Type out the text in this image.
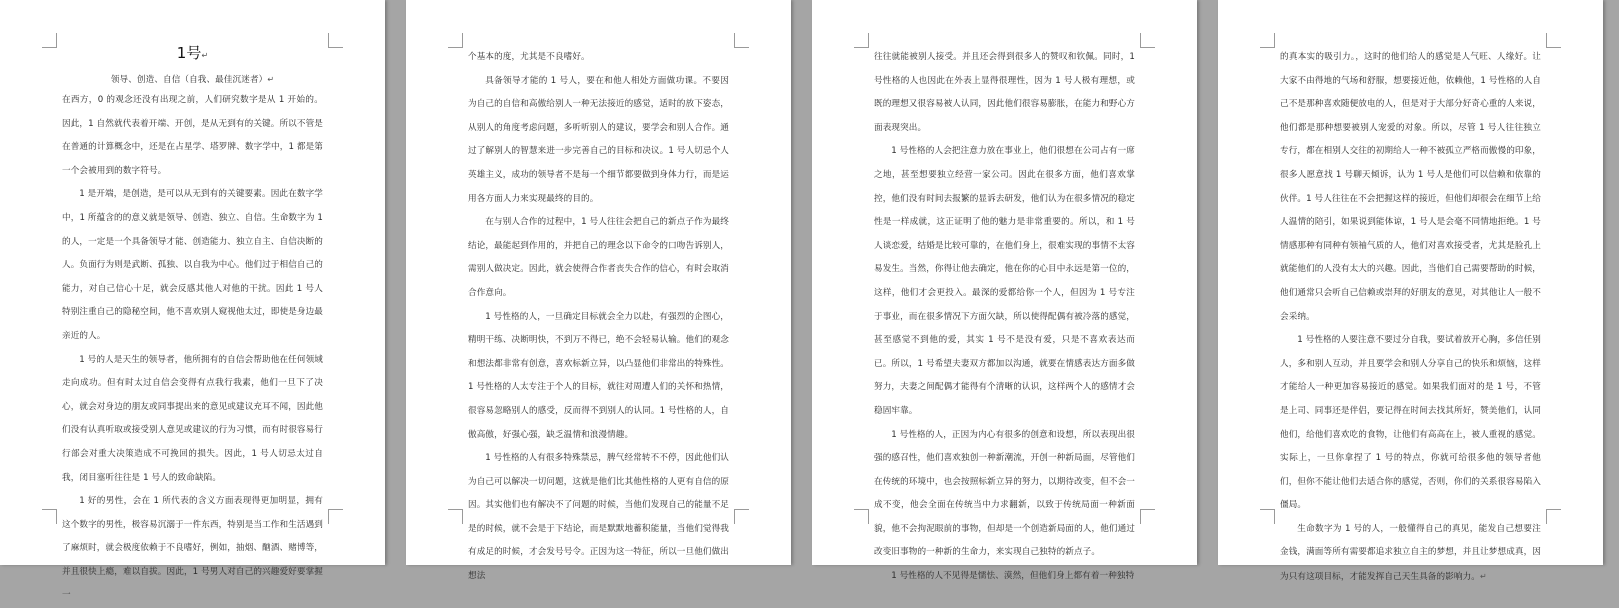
1号↵

领导、创造、自信（自我、最佳沉迷者）↵

在西方，0 的观念还没有出现之前，人们研究数字是从 1 开始的。因此，1 自然就代表着开端、开创，是从无到有的关键。所以不管是在普通的计算概念中，还是在占星学、塔罗牌、数字学中，1 都是第一个会被用到的数字符号。

1 是开端，是创造，是可以从无到有的关键要素。因此在数字学中，1 所蕴含的的意义就是领导、创造、独立、自信。生命数字为 1 的人，一定是一个具备领导才能、创造能力、独立自主、自信决断的人。负面行为则是武断、孤独、以自我为中心。他们过于相信自己的能力，对自己信心十足，就会反感其他人对他的干扰。因此 1 号人特别注重自己的隐秘空间，他不喜欢别人窥视他太过，即使是身边最亲近的人。

1 号的人是天生的领导者，他所拥有的自信会帮助他在任何领域走向成功。但有时太过自信会变得有点我行我素，他们一旦下了决心，就会对身边的朋友或同事提出来的意见或建议充耳不闻，因此他们没有认真听取或接受别人意见或建议的行为习惯，而有时很容易行行部会对重大决策造成不可挽回的损失。因此，1 号人切忌太过自我，闭目塞听往往是 1 号人的致命缺陷。

1 好的男性，会在 1 所代表的含义方面表现得更加明显，拥有这个数字的男性，极容易沉溺于一件东西，特别是当工作和生活遇到了麻烦时，就会极度依赖于不良嗜好，例如，抽烟、酗酒、赌博等，并且很快上瘾，难以自拔。因此，1 号男人对自己的兴趣爱好要掌握一

个基本的度，尤其是不良嗜好。

具备领导才能的 1 号人，要在和他人相处方面做功课。不要因为自己的自信和高傲给别人一种无法接近的感觉，适时的放下姿态，从别人的角度考虑问题，多听听别人的建议，要学会和别人合作。通过了解别人的智慧来进一步完善自己的目标和决议。1 号人切忌个人英雄主义，成功的领导者不是每一个细节都要做到身体力行，而是运用各方面人力来实现最终的目的。

在与别人合作的过程中，1 号人往往会把自己的新点子作为最终结论，最能起到作用的，并把自己的理念以下命令的口吻告诉别人，需别人做决定。因此，就会使得合作者丧失合作的信心，有时会取消合作意向。

1 号性格的人，一旦确定目标就会全力以赴，有强烈的企图心，精明干练、决断明快，不到万不得已，绝不会轻易认输。他们的观念和想法都非常有创意，喜欢标新立异，以凸显他们非常出的特殊性。1 号性格的人太专注于个人的目标，就往对周遭人们的关怀和热情，很容易忽略别人的感受，反而得不到别人的认同。1 号性格的人，自傲高傲，好强心强，缺乏温情和浪漫情趣。

1 号性格的人有很多特殊禁忌，脾气经常转不不停，因此他们认为自己可以解决一切问题，这就是他们比其他性格的人更有自信的原因。其实他们也有解决不了问题的时候，当他们发现自己的能量不足是的时候，就不会是于下结论，而是默默地蓄积能量，当他们觉得我有成足的时候，才会发号号令。正因为这一特征，所以一旦他们做出想法

往往就能被别人接受。并且还会得到很多人的赞叹和钦佩。同时，1 号性格的人也因此在外表上显得很理性，因为 1 号人极有理想，或既的理想又很容易被人认同，因此他们很容易膨胀，在能力和野心方面表现突出。

1 号性格的人会把注意力放在事业上，他们很想在公司占有一席之地，甚至想要独立经营一家公司。因此在很多方面，他们喜欢掌控，他们没有时间去报繁的显诉去研发，他们认为在很多情况的稳定性是一样成就，这正证明了他的魅力是非常重要的。所以，和 1 号人谈恋爱，结婚是比较可靠的，在他们身上，很难实现的事情不太容易发生。当然，你得让他去确定，他在你的心目中永远是第一位的，这样，他们才会更投入。最深的爱都给你一个人，但因为 1 号专注于事业，而在很多情况下方面欠缺，所以使得配偶有被冷落的感觉，甚至感觉不到他的爱，其实 1 号不是没有爱，只是不喜欢表达而已。所以，1 号希望夫妻双方都加以沟通，就要在情感表达方面多做努力，夫妻之间配偶才能得有个清晰的认识，这样两个人的感情才会稳固牢靠。

1 号性格的人，正因为内心有很多的创意和设想，所以表现出很强的感召性，他们喜欢独创一种新潮流，开创一种新局面，尽管他们在传统的环境中，也会按照标新立异的努力，以期待改变，但不会一成不变，他会全面在传统当中力求翻新，以致于传统局面一种新面貌，他不会拘泥眼前的事物，但却是一个创造新局面的人，他们通过改变旧事物的一种新的生命力，来实现自己独特的新点子。

1 号性格的人不见得是懦怯、漠然，但他们身上都有着一种独特

的真本实的吸引力。，这时的他们给人的感觉是人气旺、人缘好。让大家不由得地的气场和舒服，想要接近他，依赖他，1 号性格的人自己不是那种喜欢随便放电的人，但是对于大部分好奇心重的人来说，他们都是那种想要被别人宠爱的对象。所以，尽管 1 号人往往独立专行，都在相别人交往的初期给人一种不被孤立严格而傲慢的印象，很多人愿意找 1 号聊天倾诉，认为 1 号人是他们可以信赖和依靠的伙伴。1 号人往往在不会把握这样的接近，但他们却很会在细节上给人温情的陪引，如果说到能体谅，1 号人是会毫不同情地拒绝。1 号情感那种有同种有领袖气质的人，他们对喜欢接受者，尤其是脸孔上就能他们的人没有太大的兴趣。因此，当他们自己需要帮助的时候，他们通常只会听自己信赖或崇拜的好朋友的意见，对其他让人一般不会采纳。

1 号性格的人要注意不要过分自我，要试着放开心胸，多信任别人，多和别人互动，并且要学会和别人分享自己的快乐和烦恼，这样才能给人一种更加容易接近的感觉。如果我们面对的是 1 号，不管是上司、同事还是伴侣，要记得在时间去找其所好，赞美他们，认同他们，给他们喜欢吃的食物，让他们有高高在上，被人重视的感觉。实际上，一旦你拿捏了 1 号的特点，你就可给很多他的领导者他们，但你不能让他们去适合你的感觉，否则，你们的关系很容易陷入僵局。

生命数字为 1 号的人，一般懂得自己的真见，能发自己想要注金钱，满面等所有需要都追求独立自主的梦想，并且让梦想成真，因为只有这项目标，才能发挥自己天生具备的影响力。↵
